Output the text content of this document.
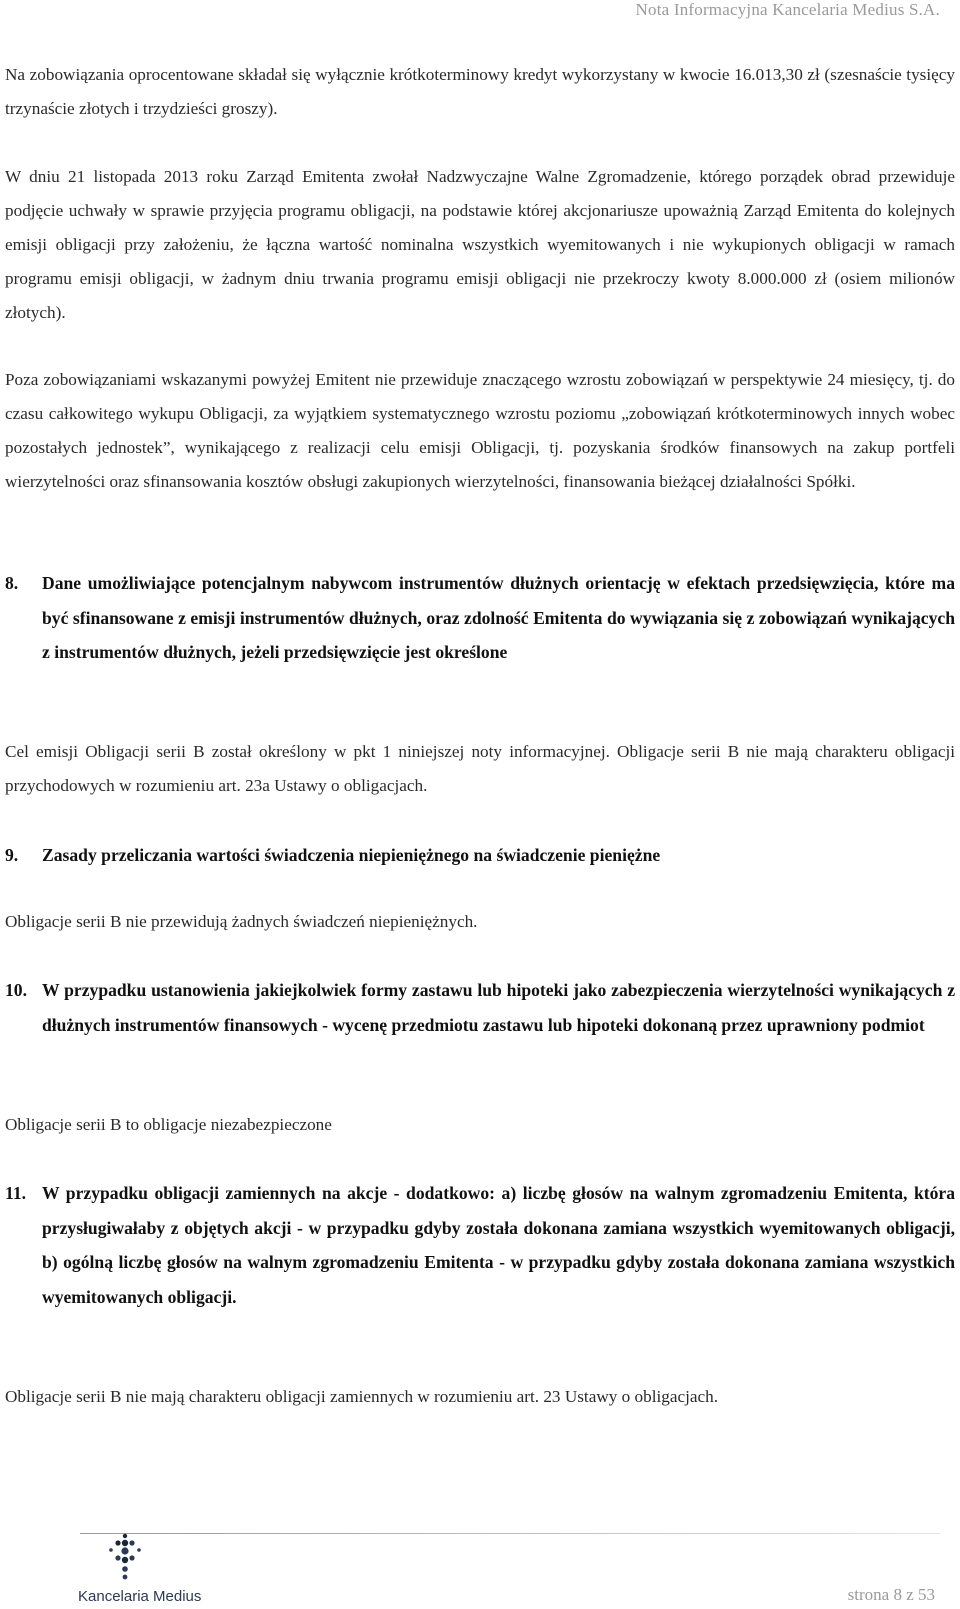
Nota Informacyjna Kancelaria Medius S.A.
Na zobowiązania oprocentowane składał się wyłącznie krótkoterminowy kredyt wykorzystany w kwocie 16.013,30 zł (szesnaście tysięcy trzynaście złotych i trzydzieści groszy).
W dniu 21 listopada 2013 roku Zarząd Emitenta zwołał Nadzwyczajne Walne Zgromadzenie, którego porządek obrad przewiduje podjęcie uchwały w sprawie przyjęcia programu obligacji, na podstawie której akcjonariusze upoważnią Zarząd Emitenta do kolejnych emisji obligacji przy założeniu, że łączna wartość nominalna wszystkich wyemitowanych i nie wykupionych obligacji w ramach programu emisji obligacji, w żadnym dniu trwania programu emisji obligacji nie przekroczy kwoty 8.000.000 zł (osiem milionów złotych).
Poza zobowiązaniami wskazanymi powyżej Emitent nie przewiduje znaczącego wzrostu zobowiązań w perspektywie 24 miesięcy, tj. do czasu całkowitego wykupu Obligacji, za wyjątkiem systematycznego wzrostu poziomu „zobowiązań krótkoterminowych innych wobec pozostałych jednostek”, wynikającego z realizacji celu emisji Obligacji, tj. pozyskania środków finansowych na zakup portfeli wierzytelności oraz sfinansowania kosztów obsługi zakupionych wierzytelności, finansowania bieżącej działalności Spółki.
8. Dane umożliwiające potencjalnym nabywcom instrumentów dłużnych orientację w efektach przedsięwzięcia, które ma być sfinansowane z emisji instrumentów dłużnych, oraz zdolność Emitenta do wywiązania się z zobowiązań wynikających z instrumentów dłużnych, jeżeli przedsięwzięcie jest określone
Cel emisji Obligacji serii B został określony w pkt 1 niniejszej noty informacyjnej. Obligacje serii B nie mają charakteru obligacji przychodowych w rozumieniu art. 23a Ustawy o obligacjach.
9. Zasady przeliczania wartości świadczenia niepieniężnego na świadczenie pieniężne
Obligacje serii B nie przewidują żadnych świadczeń niepieniężnych.
10. W przypadku ustanowienia jakiejkolwiek formy zastawu lub hipoteki jako zabezpieczenia wierzytelności wynikających z dłużnych instrumentów finansowych - wycenę przedmiotu zastawu lub hipoteki dokonaną przez uprawniony podmiot
Obligacje serii B to obligacje niezabezpieczone
11. W przypadku obligacji zamiennych na akcje - dodatkowo: a) liczbę głosów na walnym zgromadzeniu Emitenta, która przysługiwałaby z objętych akcji - w przypadku gdyby została dokonana zamiana wszystkich wyemitowanych obligacji, b) ogólną liczbę głosów na walnym zgromadzeniu Emitenta - w przypadku gdyby została dokonana zamiana wszystkich wyemitowanych obligacji.
Obligacje serii B nie mają charakteru obligacji zamiennych w rozumieniu art. 23 Ustawy o obligacjach.
Kancelaria Medius	strona 8 z 53
